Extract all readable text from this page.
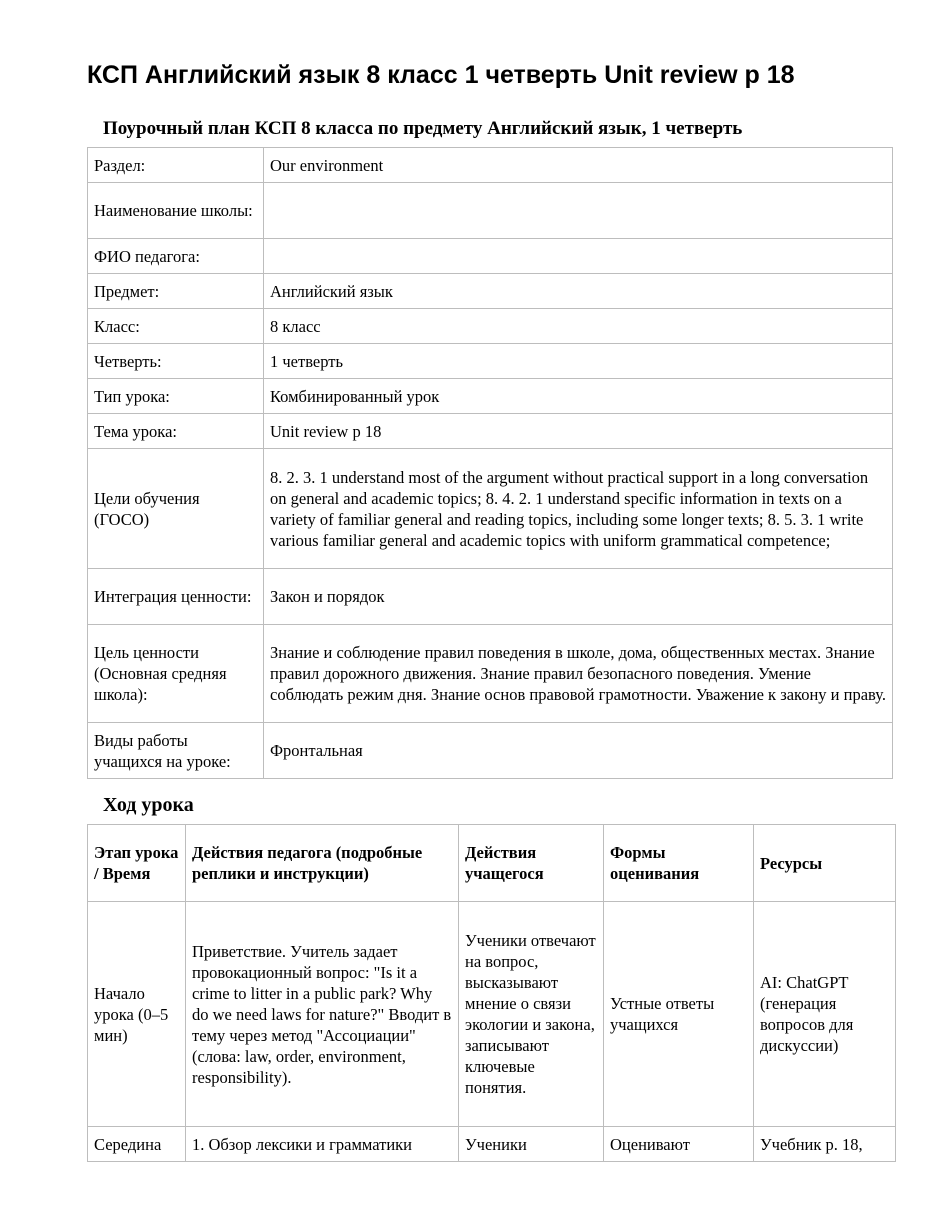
КСП Английский язык 8 класс 1 четверть Unit review p 18
Поурочный план КСП 8 класса по предмету Английский язык, 1 четверть
Раздел:	Our environment
Наименование школы:	
ФИО педагога:	
Предмет:	Английский язык
Класс:	8 класс
Четверть:	1 четверть
Тип урока:	Комбинированный урок
Тема урока:	Unit review p 18
Цели обучения (ГОСО)	8. 2. 3. 1 understand most of the argument without practical support in a long conversation on general and academic topics; 8. 4. 2. 1 understand specific information in texts on a variety of familiar general and reading topics, including some longer texts; 8. 5. 3. 1 write various familiar general and academic topics with uniform grammatical competence;
Интеграция ценности:	Закон и порядок
Цель ценности (Основная средняя школа):	Знание и соблюдение правил поведения в школе, дома, общественных местах. Знание правил дорожного движения. Знание правил безопасного поведения. Умение соблюдать режим дня. Знание основ правовой грамотности. Уважение к закону и праву.
Виды работы учащихся на уроке:	Фронтальная
Ход урока
Этап урока / Время	Действия педагога (подробные реплики и инструкции)	Действия учащегося	Формы оценивания	Ресурсы
Начало урока (0–5 мин)	Приветствие. Учитель задает провокационный вопрос: "Is it a crime to litter in a public park? Why do we need laws for nature?" Вводит в тему через метод "Ассоциации" (слова: law, order, environment, responsibility).	Ученики отвечают на вопрос, высказывают мнение о связи экологии и закона, записывают ключевые понятия.	Устные ответы учащихся	AI: ChatGPT (генерация вопросов для дискуссии)
Середина	1. Обзор лексики и грамматики	Ученики	Оценивают	Учебник p. 18,
